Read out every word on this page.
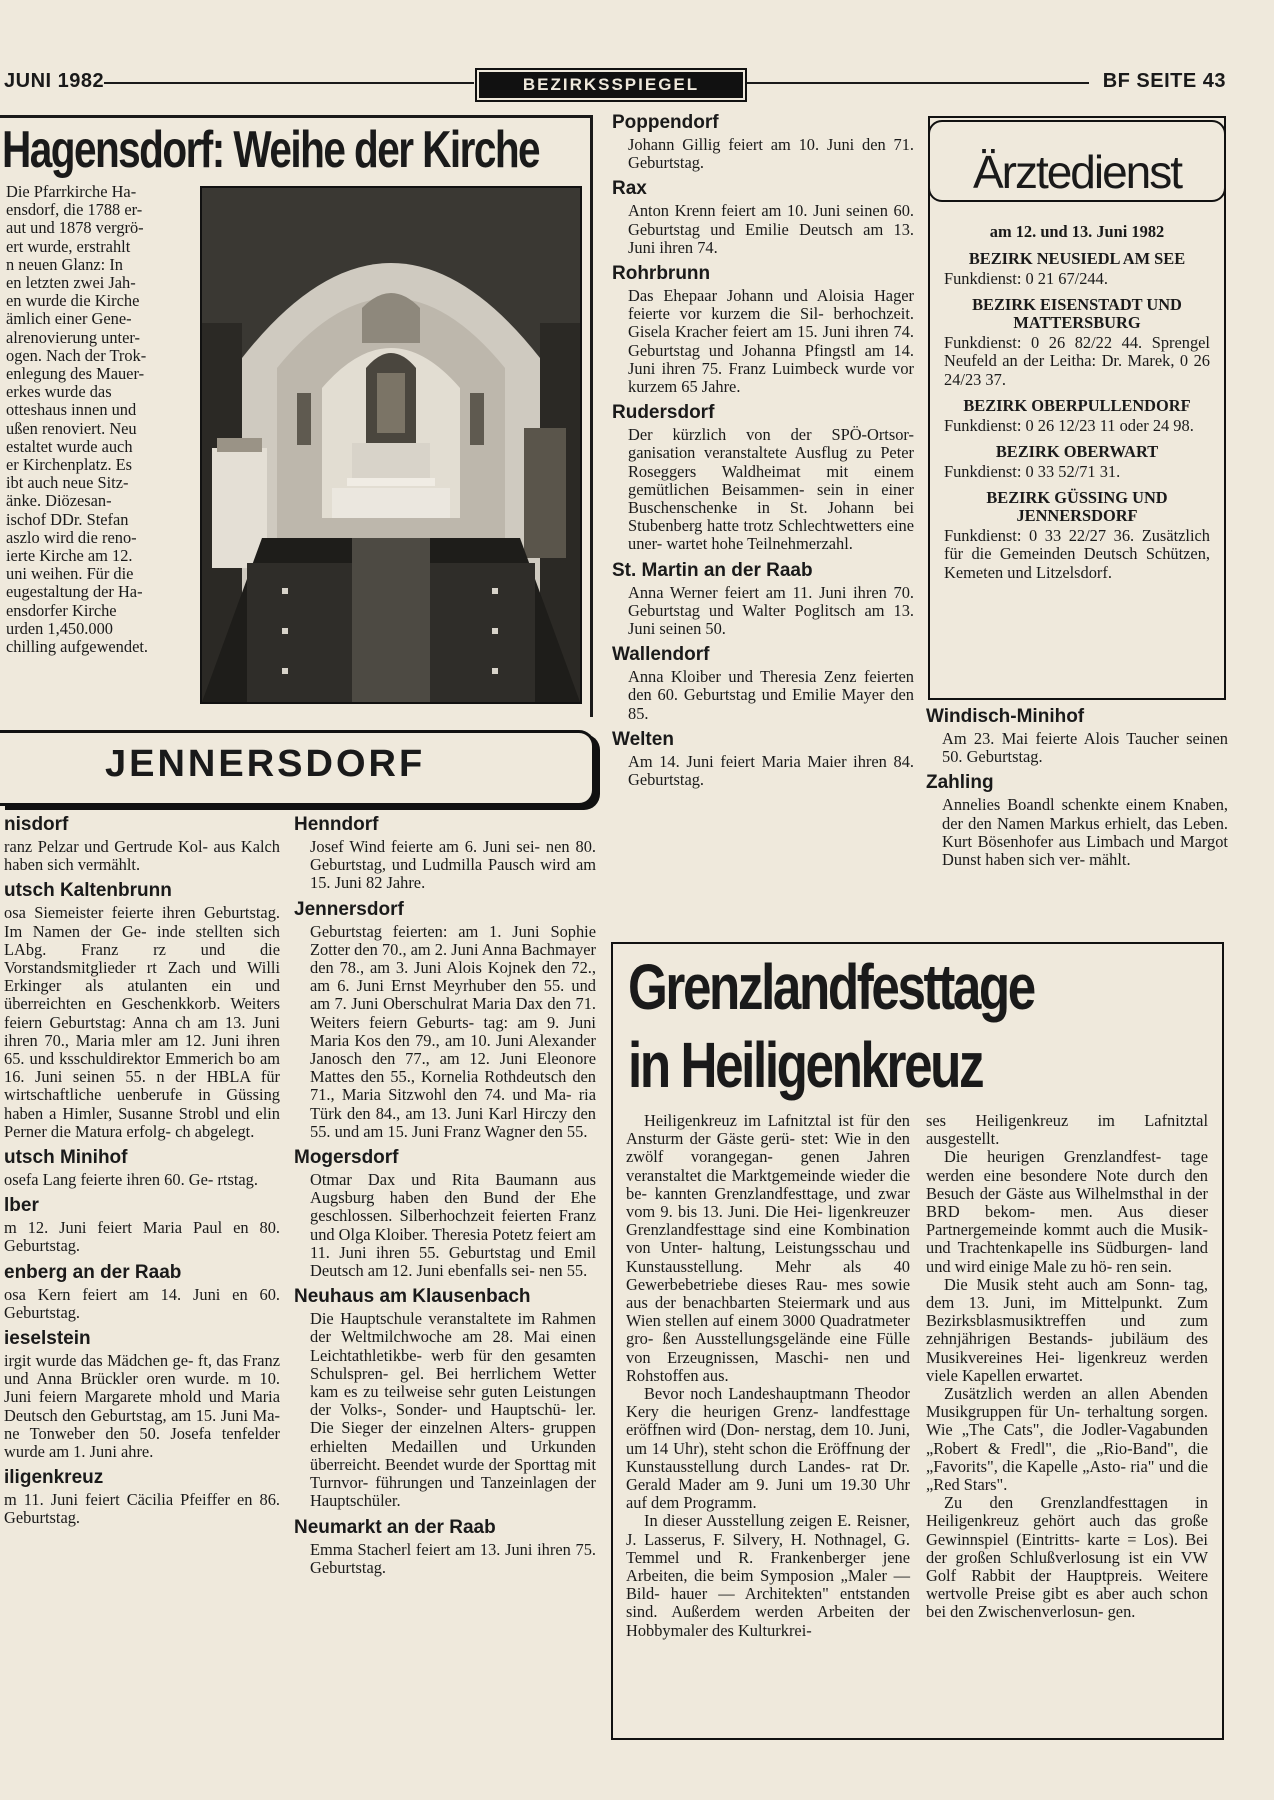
JUNI 1982	BEZIRKSSPIEGEL	BF SEITE 43
Hagensdorf: Weihe der Kirche
Die Pfarrkirche Ha-
ensdorf, die 1788 er-
aut und 1878 vergrö-
ert wurde, erstrahlt
n neuen Glanz: In
en letzten zwei Jah-
en wurde die Kirche
ämlich einer Gene-
alrenovierung unter-
ogen. Nach der Trok-
enlegung des Mauer-
erkes wurde das
otteshaus innen und
ußen renoviert. Neu
estaltet wurde auch
er Kirchenplatz. Es
ibt auch neue Sitz-
änke. Diözesan-
ischof DDr. Stefan
aszlo wird die reno-
ierte Kirche am 12.
uni weihen. Für die
eugestaltung der Ha-
ensdorfer Kirche
urden 1,450.000
chilling aufgewendet.
JENNERSDORF
nisdorf

ranz Pelzar und Gertrude Kol- aus Kalch haben sich vermählt.

utsch Kaltenbrunn

osa Siemeister feierte ihren Geburtstag. Im Namen der Ge- inde stellten sich LAbg. Franz rz und die Vorstandsmitglieder rt Zach und Willi Erkinger als atulanten ein und überreichten en Geschenkkorb. Weiters feiern Geburtstag: Anna ch am 13. Juni ihren 70., Maria mler am 12. Juni ihren 65. und ksschuldirektor Emmerich bo am 16. Juni seinen 55. n der HBLA für wirtschaftliche uenberufe in Güssing haben a Himler, Susanne Strobl und elin Perner die Matura erfolg- ch abgelegt.

utsch Minihof

osefa Lang feierte ihren 60. Ge- rtstag.

lber

m 12. Juni feiert Maria Paul en 80. Geburtstag.

enberg an der Raab

osa Kern feiert am 14. Juni en 60. Geburtstag.

ieselstein

irgit wurde das Mädchen ge- ft, das Franz und Anna Brückler oren wurde. m 10. Juni feiern Margarete mhold und Maria Deutsch den Geburtstag, am 15. Juni Ma- ne Tonweber den 50. Josefa tenfelder wurde am 1. Juni ahre.

iligenkreuz

m 11. Juni feiert Cäcilia Pfeiffer en 86. Geburtstag.

Henndorf

Josef Wind feierte am 6. Juni sei- nen 80. Geburtstag, und Ludmilla Pausch wird am 15. Juni 82 Jahre.

Jennersdorf

Geburtstag feierten: am 1. Juni Sophie Zotter den 70., am 2. Juni Anna Bachmayer den 78., am 3. Juni Alois Kojnek den 72., am 6. Juni Ernst Meyrhuber den 55. und am 7. Juni Oberschulrat Maria Dax den 71. Weiters feiern Geburts- tag: am 9. Juni Maria Kos den 79., am 10. Juni Alexander Janosch den 77., am 12. Juni Eleonore Mattes den 55., Kornelia Rothdeutsch den 71., Maria Sitzwohl den 74. und Ma- ria Türk den 84., am 13. Juni Karl Hirczy den 55. und am 15. Juni Franz Wagner den 55.

Mogersdorf

Otmar Dax und Rita Baumann aus Augsburg haben den Bund der Ehe geschlossen. Silberhochzeit feierten Franz und Olga Kloiber. Theresia Potetz feiert am 11. Juni ihren 55. Geburtstag und Emil Deutsch am 12. Juni ebenfalls sei- nen 55.

Neuhaus am Klausenbach

Die Hauptschule veranstaltete im Rahmen der Weltmilchwoche am 28. Mai einen Leichtathletikbe- werb für den gesamten Schulspren- gel. Bei herrlichem Wetter kam es zu teilweise sehr guten Leistungen der Volks-, Sonder- und Hauptschü- ler. Die Sieger der einzelnen Alters- gruppen erhielten Medaillen und Urkunden überreicht. Beendet wurde der Sporttag mit Turnvor- führungen und Tanzeinlagen der Hauptschüler.

Neumarkt an der Raab

Emma Stacherl feiert am 13. Juni ihren 75. Geburtstag.

Poppendorf

Johann Gillig feiert am 10. Juni den 71. Geburtstag.

Rax

Anton Krenn feiert am 10. Juni seinen 60. Geburtstag und Emilie Deutsch am 13. Juni ihren 74.

Rohrbrunn

Das Ehepaar Johann und Aloisia Hager feierte vor kurzem die Sil- berhochzeit. Gisela Kracher feiert am 15. Juni ihren 74. Geburtstag und Johanna Pfingstl am 14. Juni ihren 75. Franz Luimbeck wurde vor kurzem 65 Jahre.

Rudersdorf

Der kürzlich von der SPÖ-Ortsor- ganisation veranstaltete Ausflug zu Peter Roseggers Waldheimat mit einem gemütlichen Beisammen- sein in einer Buschenschenke in St. Johann bei Stubenberg hatte trotz Schlechtwetters eine uner- wartet hohe Teilnehmerzahl.

St. Martin an der Raab

Anna Werner feiert am 11. Juni ihren 70. Geburtstag und Walter Poglitsch am 13. Juni seinen 50.

Wallendorf

Anna Kloiber und Theresia Zenz feierten den 60. Geburtstag und Emilie Mayer den 85.

Welten

Am 14. Juni feiert Maria Maier ihren 84. Geburtstag.

Ärztedienst
am 12. und 13. Juni 1982
BEZIRK NEUSIEDL AM SEE

Funkdienst: 0 21 67/244.

BEZIRK EISENSTADT UND MATTERSBURG

Funkdienst: 0 26 82/22 44. Sprengel Neufeld an der Leitha: Dr. Marek, 0 26 24/23 37.

BEZIRK OBERPULLENDORF

Funkdienst: 0 26 12/23 11 oder 24 98.

BEZIRK OBERWART

Funkdienst: 0 33 52/71 31.

BEZIRK GÜSSING UND JENNERSDORF

Funkdienst: 0 33 22/27 36. Zusätzlich für die Gemeinden Deutsch Schützen, Kemeten und Litzelsdorf.

Windisch-Minihof

Am 23. Mai feierte Alois Taucher seinen 50. Geburtstag.

Zahling

Annelies Boandl schenkte einem Knaben, der den Namen Markus erhielt, das Leben. Kurt Bösenhofer aus Limbach und Margot Dunst haben sich ver- mählt.

Grenzlandfesttage
in Heiligenkreuz

Heiligenkreuz im Lafnitztal ist für den Ansturm der Gäste gerü- stet: Wie in den zwölf vorangegan- genen Jahren veranstaltet die Marktgemeinde wieder die be- kannten Grenzlandfesttage, und zwar vom 9. bis 13. Juni. Die Hei- ligenkreuzer Grenzlandfesttage sind eine Kombination von Unter- haltung, Leistungsschau und Kunstausstellung. Mehr als 40 Gewerbebetriebe dieses Rau- mes sowie aus der benachbarten Steiermark und aus Wien stellen auf einem 3000 Quadratmeter gro- ßen Ausstellungsgelände eine Fülle von Erzeugnissen, Maschi- nen und Rohstoffen aus.

Bevor noch Landeshauptmann Theodor Kery die heurigen Grenz- landfesttage eröffnen wird (Don- nerstag, dem 10. Juni, um 14 Uhr), steht schon die Eröffnung der Kunstausstellung durch Landes- rat Dr. Gerald Mader am 9. Juni um 19.30 Uhr auf dem Programm.

In dieser Ausstellung zeigen E. Reisner, J. Lasserus, F. Silvery, H. Nothnagel, G. Temmel und R. Frankenberger jene Arbeiten, die beim Symposion „Maler — Bild- hauer — Architekten" entstanden sind. Außerdem werden Arbeiten der Hobbymaler des Kulturkrei-

ses Heiligenkreuz im Lafnitztal ausgestellt.

Die heurigen Grenzlandfest- tage werden eine besondere Note durch den Besuch der Gäste aus Wilhelmsthal in der BRD bekom- men. Aus dieser Partnergemeinde kommt auch die Musik- und Trachtenkapelle ins Südburgen- land und wird einige Male zu hö- ren sein.

Die Musik steht auch am Sonn- tag, dem 13. Juni, im Mittelpunkt. Zum Bezirksblasmusiktreffen und zum zehnjährigen Bestands- jubiläum des Musikvereines Hei- ligenkreuz werden viele Kapellen erwartet.

Zusätzlich werden an allen Abenden Musikgruppen für Un- terhaltung sorgen. Wie „The Cats", die Jodler-Vagabunden „Robert & Fredl", die „Rio-Band", die „Favorits", die Kapelle „Asto- ria" und die „Red Stars".

Zu den Grenzlandfesttagen in Heiligenkreuz gehört auch das große Gewinnspiel (Eintritts- karte = Los). Bei der großen Schlußverlosung ist ein VW Golf Rabbit der Hauptpreis. Weitere wertvolle Preise gibt es aber auch schon bei den Zwischenverlosun- gen.
